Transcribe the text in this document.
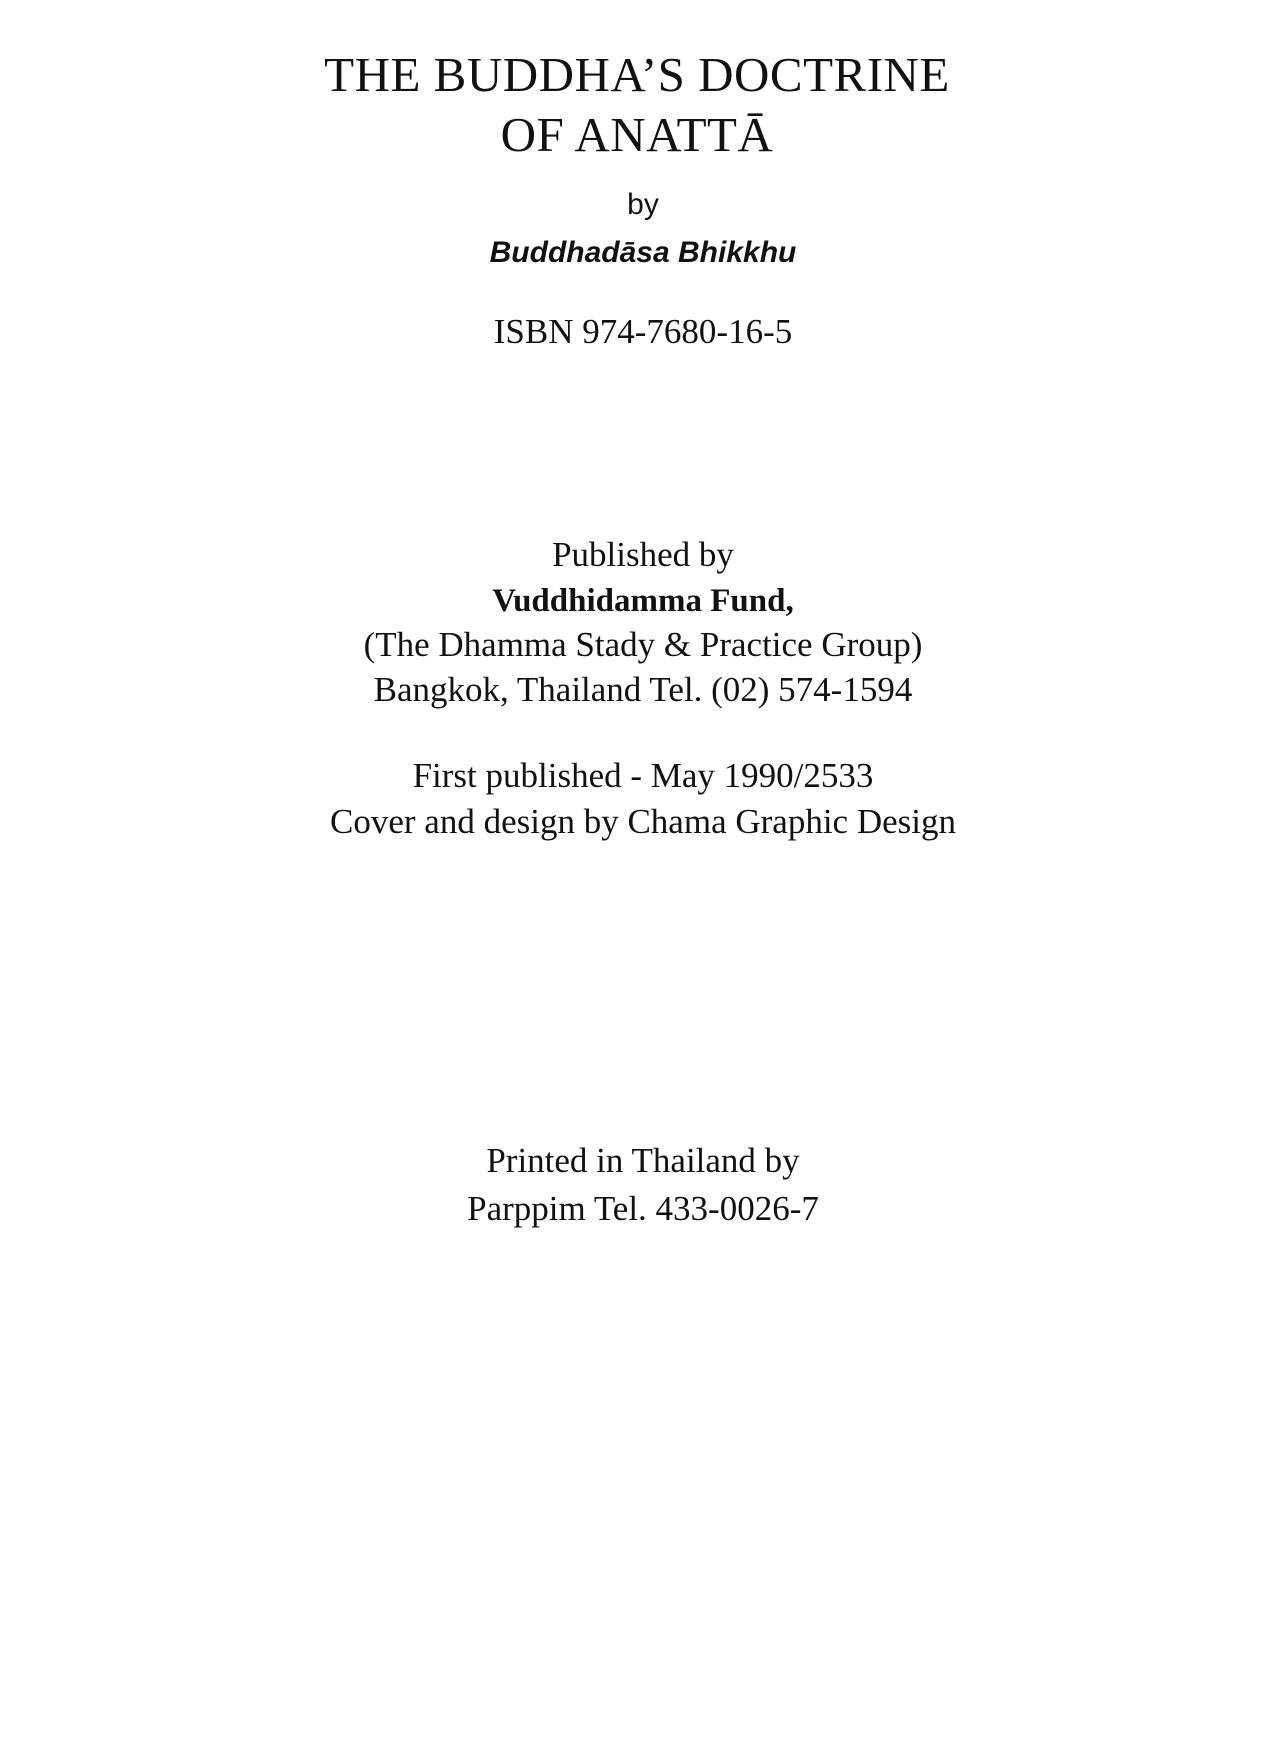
THE BUDDHA’S DOCTRINE
OF ANATTĀ

by

Buddhadāsa Bhikkhu

ISBN 974-7680-16-5

Published by

Vuddhidamma Fund,

(The Dhamma Stady & Practice Group)

Bangkok, Thailand Tel. (02) 574-1594

First published - May 1990/2533

Cover and design by Chama Graphic Design

Printed in Thailand by

Parppim Tel. 433-0026-7
